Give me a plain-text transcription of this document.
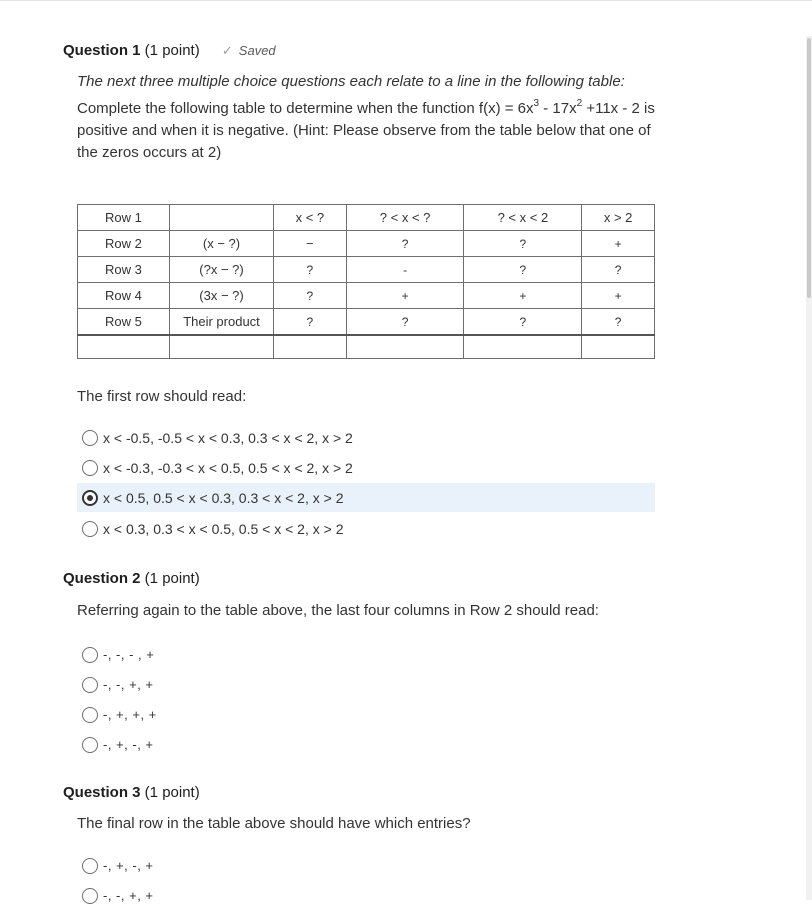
Question 1 (1 point) ✓ Saved
The next three multiple choice questions each relate to a line in the following table:
Complete the following table to determine when the function $f(x) = 6x^3 - 17x^2 +11x - 2$ is positive and when it is negative. (Hint: Please observe from the table below that one of the zeros occurs at 2)
Row 1		x < ?	? < x < ?	? < x < 2	x > 2
Row 2	(x − ?)	−	?	?	+
Row 3	(?x − ?)	?	-	?	?
Row 4	(3x − ?)	?	+	+	+
Row 5	Their product	?	?	?	?

The first row should read:
x < -0.5, -0.5 < x < 0.3, 0.3 < x < 2, x > 2
x < -0.3, -0.3 < x < 0.5, 0.5 < x < 2, x > 2
x < 0.5, 0.5 < x < 0.3, 0.3 < x < 2, x > 2
x < 0.3, 0.3 < x < 0.5, 0.5 < x < 2, x > 2
Question 2 (1 point)
Referring again to the table above, the last four columns in Row 2 should read:
-, -, - , +
-, -, +, +
-, +, +, +
-, +, -, +
Question 3 (1 point)
The final row in the table above should have which entries?
-, +, -, +
-, -, +, +
